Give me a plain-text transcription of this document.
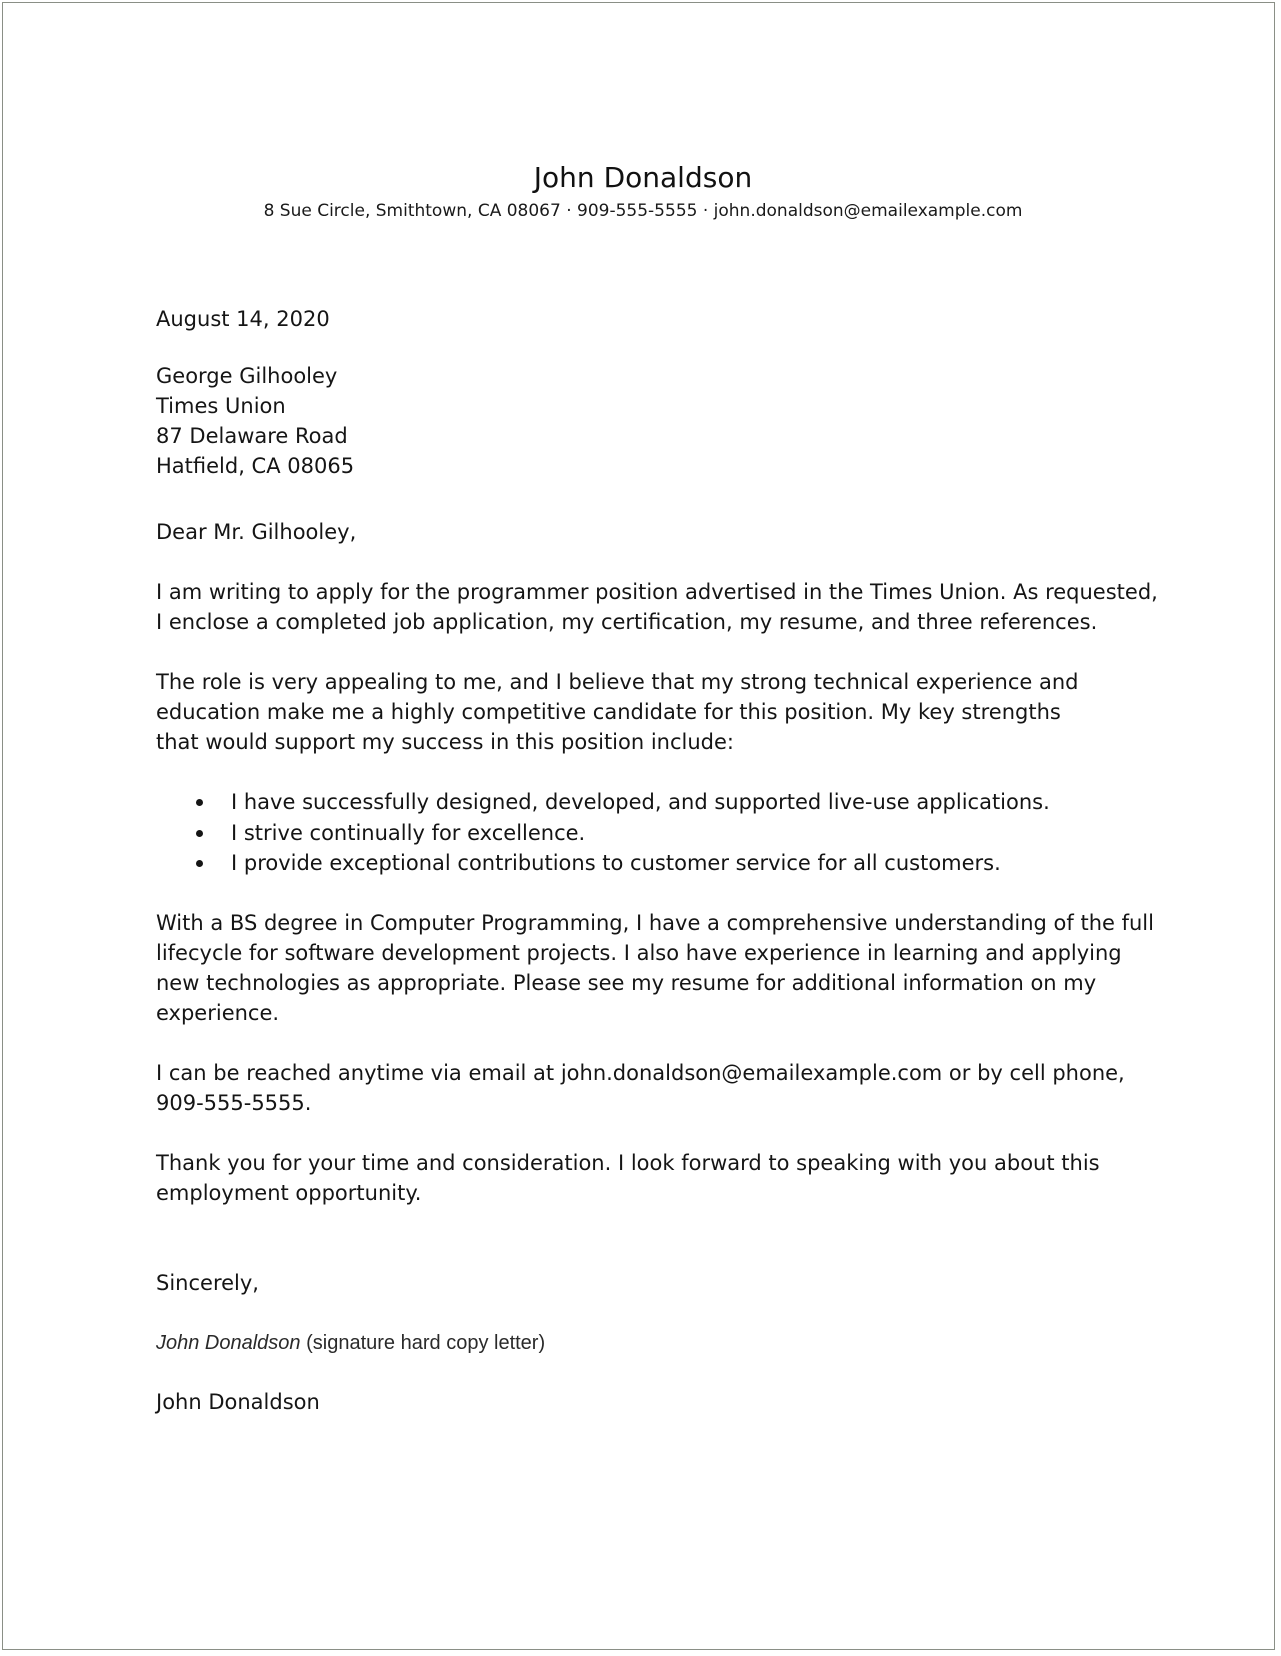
John Donaldson
8 Sue Circle, Smithtown, CA 08067 · 909-555-5555 · john.donaldson@emailexample.com
August 14, 2020
George Gilhooley
Times Union
87 Delaware Road
Hatfield, CA 08065
Dear Mr. Gilhooley,
I am writing to apply for the programmer position advertised in the Times Union. As requested,
I enclose a completed job application, my certification, my resume, and three references.
The role is very appealing to me, and I believe that my strong technical experience and
education make me a highly competitive candidate for this position. My key strengths
that would support my success in this position include:
I have successfully designed, developed, and supported live-use applications.
I strive continually for excellence.
I provide exceptional contributions to customer service for all customers.
With a BS degree in Computer Programming, I have a comprehensive understanding of the full
lifecycle for software development projects. I also have experience in learning and applying
new technologies as appropriate. Please see my resume for additional information on my
experience.
I can be reached anytime via email at john.donaldson@emailexample.com or by cell phone,
909-555-5555.
Thank you for your time and consideration. I look forward to speaking with you about this
employment opportunity.
Sincerely,
John Donaldson (signature hard copy letter)
John Donaldson
